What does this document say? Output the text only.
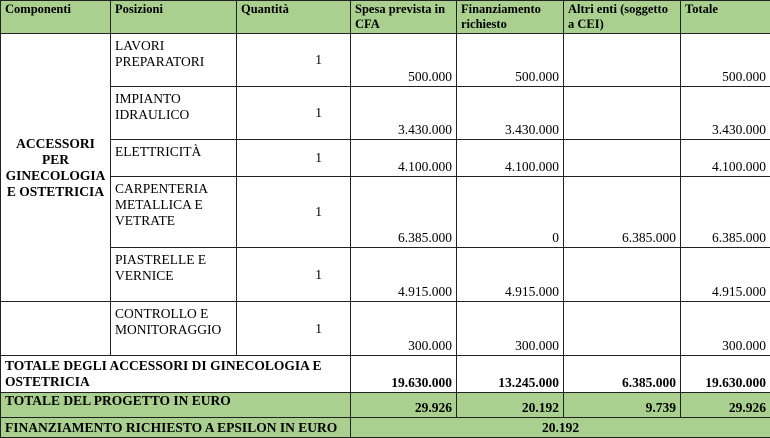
Componenti	Posizioni	Quantità	Spesa prevista in CFA	Finanziamento richiesto	Altri enti (soggetto a CEI)	Totale
ACCESSORI PER GINECOLOGIA E OSTETRICIA	LAVORI PREPARATORI	1	500.000	500.000		500.000
	IMPIANTO IDRAULICO	1	3.430.000	3.430.000		3.430.000
	ELETTRICITÀ	1	4.100.000	4.100.000		4.100.000
	CARPENTERIA METALLICA E VETRATE	1	6.385.000	0	6.385.000	6.385.000
	PIASTRELLE E VERNICE	1	4.915.000	4.915.000		4.915.000
	CONTROLLO E MONITORAGGIO	1	300.000	300.000		300.000
TOTALE DEGLI ACCESSORI DI GINECOLOGIA E OSTETRICIA			19.630.000	13.245.000	6.385.000	19.630.000
TOTALE DEL PROGETTO IN EURO			29.926	20.192	9.739	29.926
FINANZIAMENTO RICHIESTO A EPSILON IN EURO			20.192			
